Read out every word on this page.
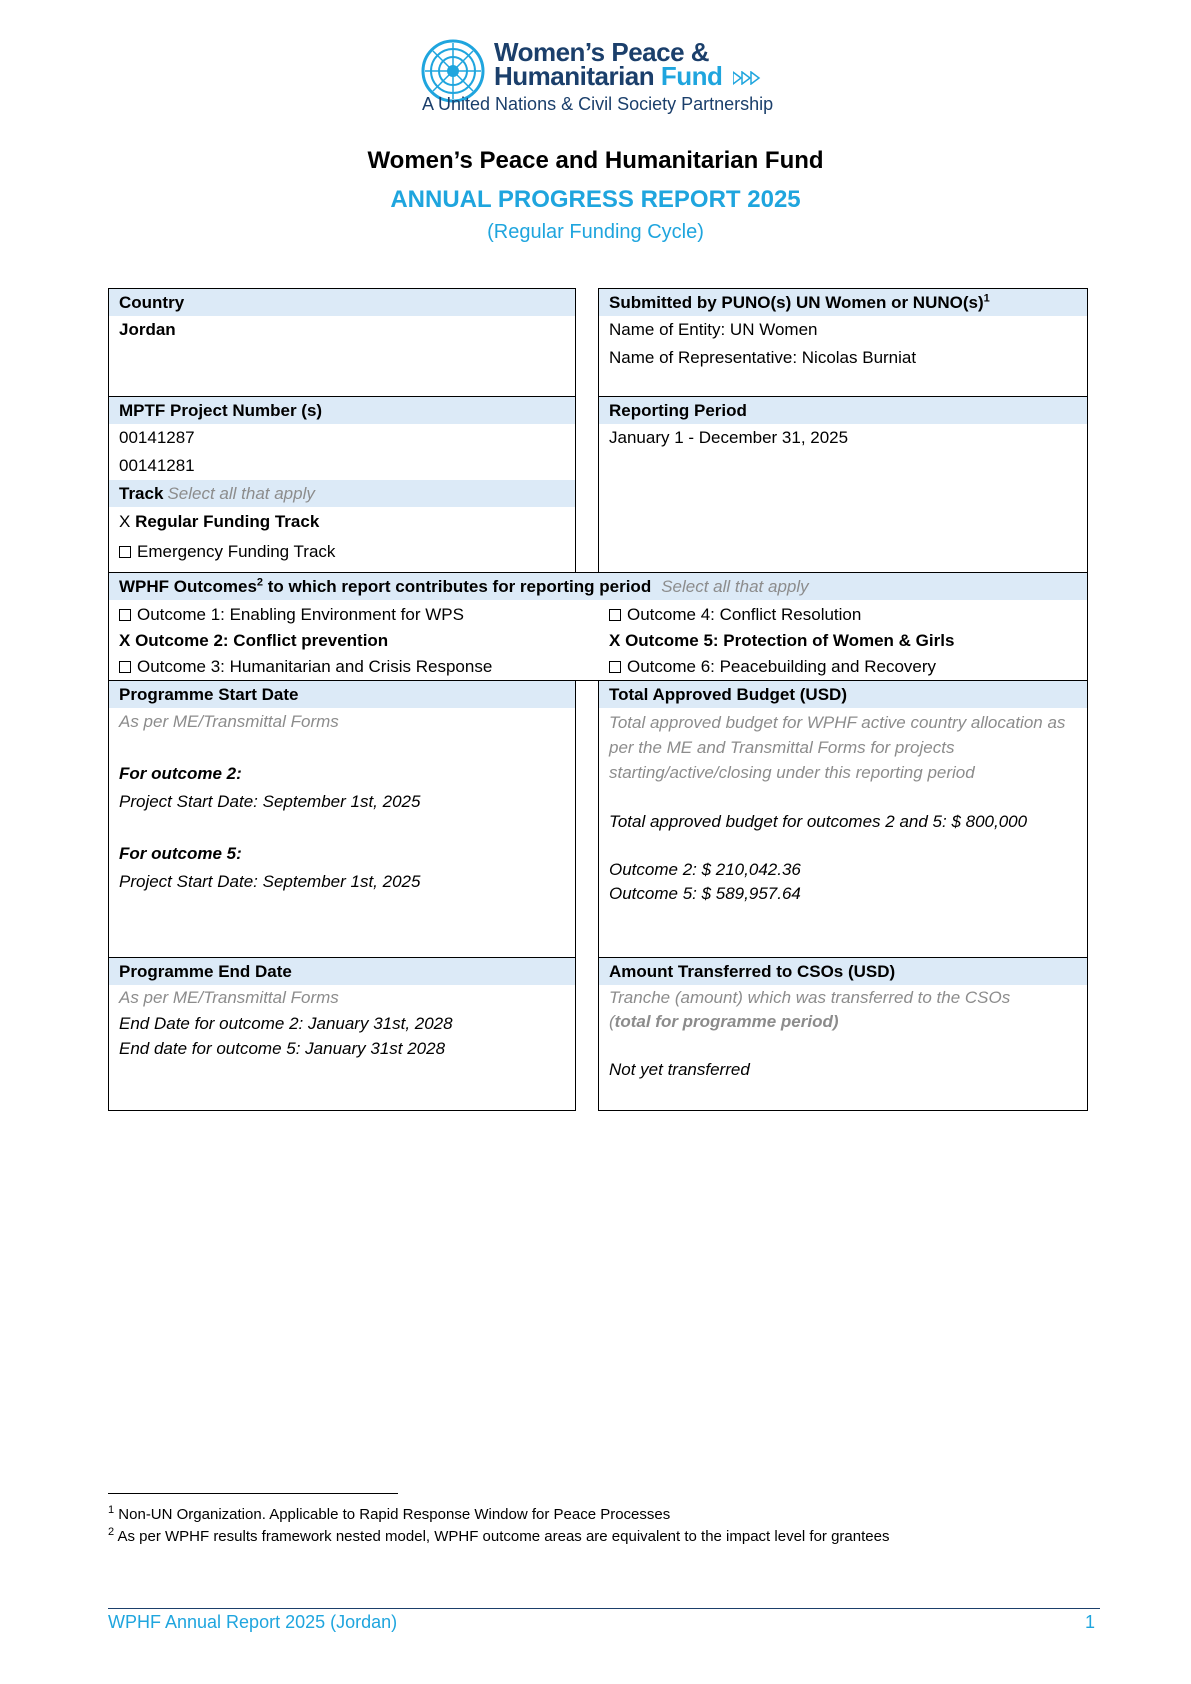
Women’s Peace &
Humanitarian Fund
A United Nations & Civil Society Partnership
Women’s Peace and Humanitarian Fund
ANNUAL PROGRESS REPORT 2025
(Regular Funding Cycle)
Country
Jordan
Submitted by PUNO(s) UN Women or $NUNO(s)^1$
Name of Entity: UN Women
Name of Representative: Nicolas Burniat
MPTF Project Number (s)
00141287
00141281
Track Select all that apply
X Regular Funding Track
Emergency Funding Track
Reporting Period
January 1 - December 31, 2025
WPHF Outcomes$^2$ to which report contributes for reporting period Select all that apply
Outcome 1: Enabling Environment for WPS	Outcome 4: Conflict Resolution
X Outcome 2: Conflict prevention	X Outcome 5: Protection of Women & Girls
Outcome 3: Humanitarian and Crisis Response	Outcome 6: Peacebuilding and Recovery
Programme Start Date
As per ME/Transmittal Forms
For outcome 2:
Project Start Date: September 1st, 2025
For outcome 5:
Project Start Date: September 1st, 2025
Total Approved Budget (USD)
Total approved budget for WPHF active country allocation as per the ME and Transmittal Forms for projects starting/active/closing under this reporting period
Total approved budget for outcomes 2 and 5: $ 800,000
Outcome 2: $ 210,042.36
Outcome 5: $ 589,957.64
Programme End Date
As per ME/Transmittal Forms
End Date for outcome 2: January 31st, 2028
End date for outcome 5: January 31st 2028
Amount Transferred to CSOs (USD)
Tranche (amount) which was transferred to the CSOs
(total for programme period)
Not yet transferred
$^1$ Non-UN Organization. Applicable to Rapid Response Window for Peace Processes
$^2$ As per WPHF results framework nested model, WPHF outcome areas are equivalent to the impact level for grantees
WPHF Annual Report 2025 (Jordan)	1
